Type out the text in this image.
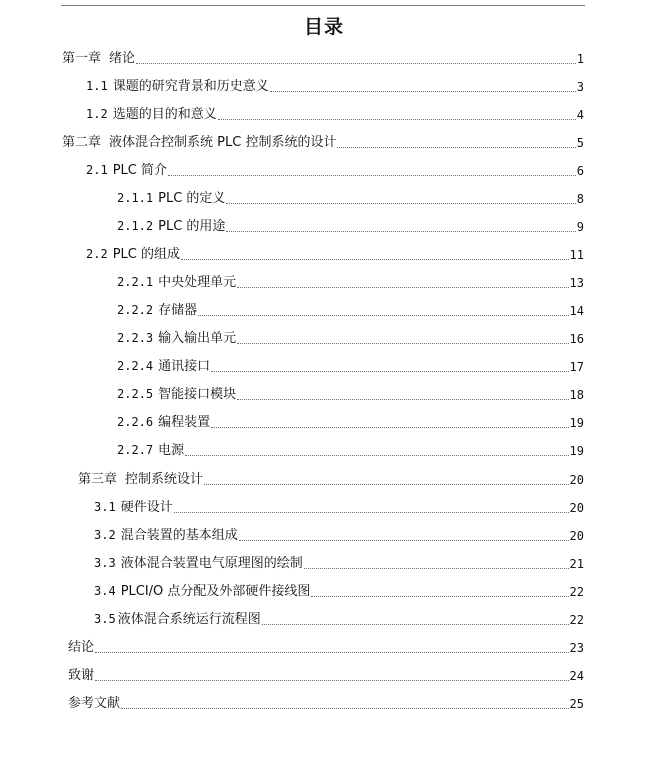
目录
第一章 绪论	1
1.1 课题的研究背景和历史意义	3
1.2 选题的目的和意义	4
第二章 液体混合控制系统 PLC 控制系统的设计	5
2.1 PLC 简介	6
2.1.1 PLC 的定义	8
2.1.2 PLC 的用途	9
2.2 PLC 的组成	11
2.2.1 中央处理单元	13
2.2.2 存储器	14
2.2.3 输入输出单元	16
2.2.4 通讯接口	17
2.2.5 智能接口模块	18
2.2.6 编程装置	19
2.2.7 电源	19
第三章 控制系统设计	20
3.1 硬件设计	20
3.2 混合装置的基本组成	20
3.3 液体混合装置电气原理图的绘制	21
3.4 PLCI/O 点分配及外部硬件接线图	22
3.5 液体混合系统运行流程图	22
结论	23
致谢	24
参考文献	25
